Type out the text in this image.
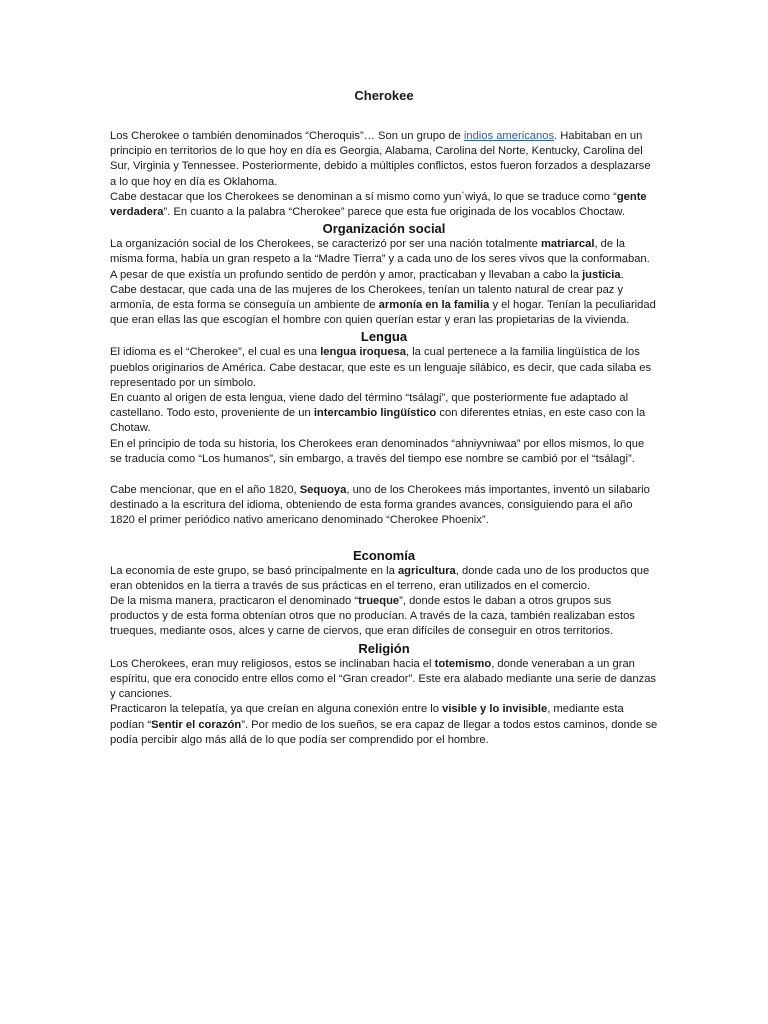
Cherokee

Los Cherokee o también denominados “Cheroquis”… Son un grupo de indios americanos. Habitaban en un principio en territorios de lo que hoy en día es Georgia, Alabama, Carolina del Norte, Kentucky, Carolina del Sur, Virginia y Tennessee. Posteriormente, debido a múltiples conflictos, estos fueron forzados a desplazarse a lo que hoy en día es Oklahoma.

Cabe destacar que los Cherokees se denominan a sí mismo como yun´wiyá, lo que se traduce como “gente verdadera”. En cuanto a la palabra “Cherokee” parece que esta fue originada de los vocablos Choctaw.

Organización social

La organización social de los Cherokees, se caracterizó por ser una nación totalmente matriarcal, de la misma forma, había un gran respeto a la “Madre Tierra” y a cada uno de los seres vivos que la conformaban. A pesar de que existía un profundo sentido de perdón y amor, practicaban y llevaban a cabo la justicia.

Cabe destacar, que cada una de las mujeres de los Cherokees, tenían un talento natural de crear paz y armonía, de esta forma se conseguía un ambiente de armonía en la familia y el hogar. Tenían la peculiaridad que eran ellas las que escogían el hombre con quien querían estar y eran las propietarias de la vivienda.

Lengua

El idioma es el “Cherokee”, el cual es una lengua iroquesa, la cual pertenece a la familia lingüística de los pueblos originarios de América. Cabe destacar, que este es un lenguaje silábico, es decir, que cada silaba es representado por un símbolo.

En cuanto al origen de esta lengua, viene dado del término “tsálagi”, que posteriormente fue adaptado al castellano. Todo esto, proveniente de un intercambio lingüístico con diferentes etnias, en este caso con la Chotaw.

En el principio de toda su historia, los Cherokees eran denominados “ahniyvniwaa” por ellos mismos, lo que se traducia como “Los humanos”, sin embargo, a través del tiempo ese nombre se cambió por el “tsálagi”.

Cabe mencionar, que en el año 1820, Sequoya, uno de los Cherokees más importantes, inventó un silabario destinado a la escritura del idioma, obteniendo de esta forma grandes avances, consiguiendo para el año 1820 el primer periódico nativo americano denominado “Cherokee Phoenix”.

Economía

La economía de este grupo, se basó principalmente en la agricultura, donde cada uno de los productos que eran obtenidos en la tierra a través de sus prácticas en el terreno, eran utilizados en el comercio.

De la misma manera, practicaron el denominado “trueque”, donde estos le daban a otros grupos sus productos y de esta forma obtenían otros que no producían. A través de la caza, también realizaban estos trueques, mediante osos, alces y carne de ciervos, que eran difíciles de conseguir en otros territorios.

Religión

Los Cherokees, eran muy religiosos, estos se inclinaban hacia el totemismo, donde veneraban a un gran espíritu, que era conocido entre ellos como el “Gran creador”. Este era alabado mediante una serie de danzas y canciones.

Practicaron la telepatía, ya que creían en alguna conexión entre lo visible y lo invisible, mediante esta podían “Sentir el corazón”. Por medio de los sueños, se era capaz de llegar a todos estos caminos, donde se podía percibir algo más allá de lo que podía ser comprendido por el hombre.
